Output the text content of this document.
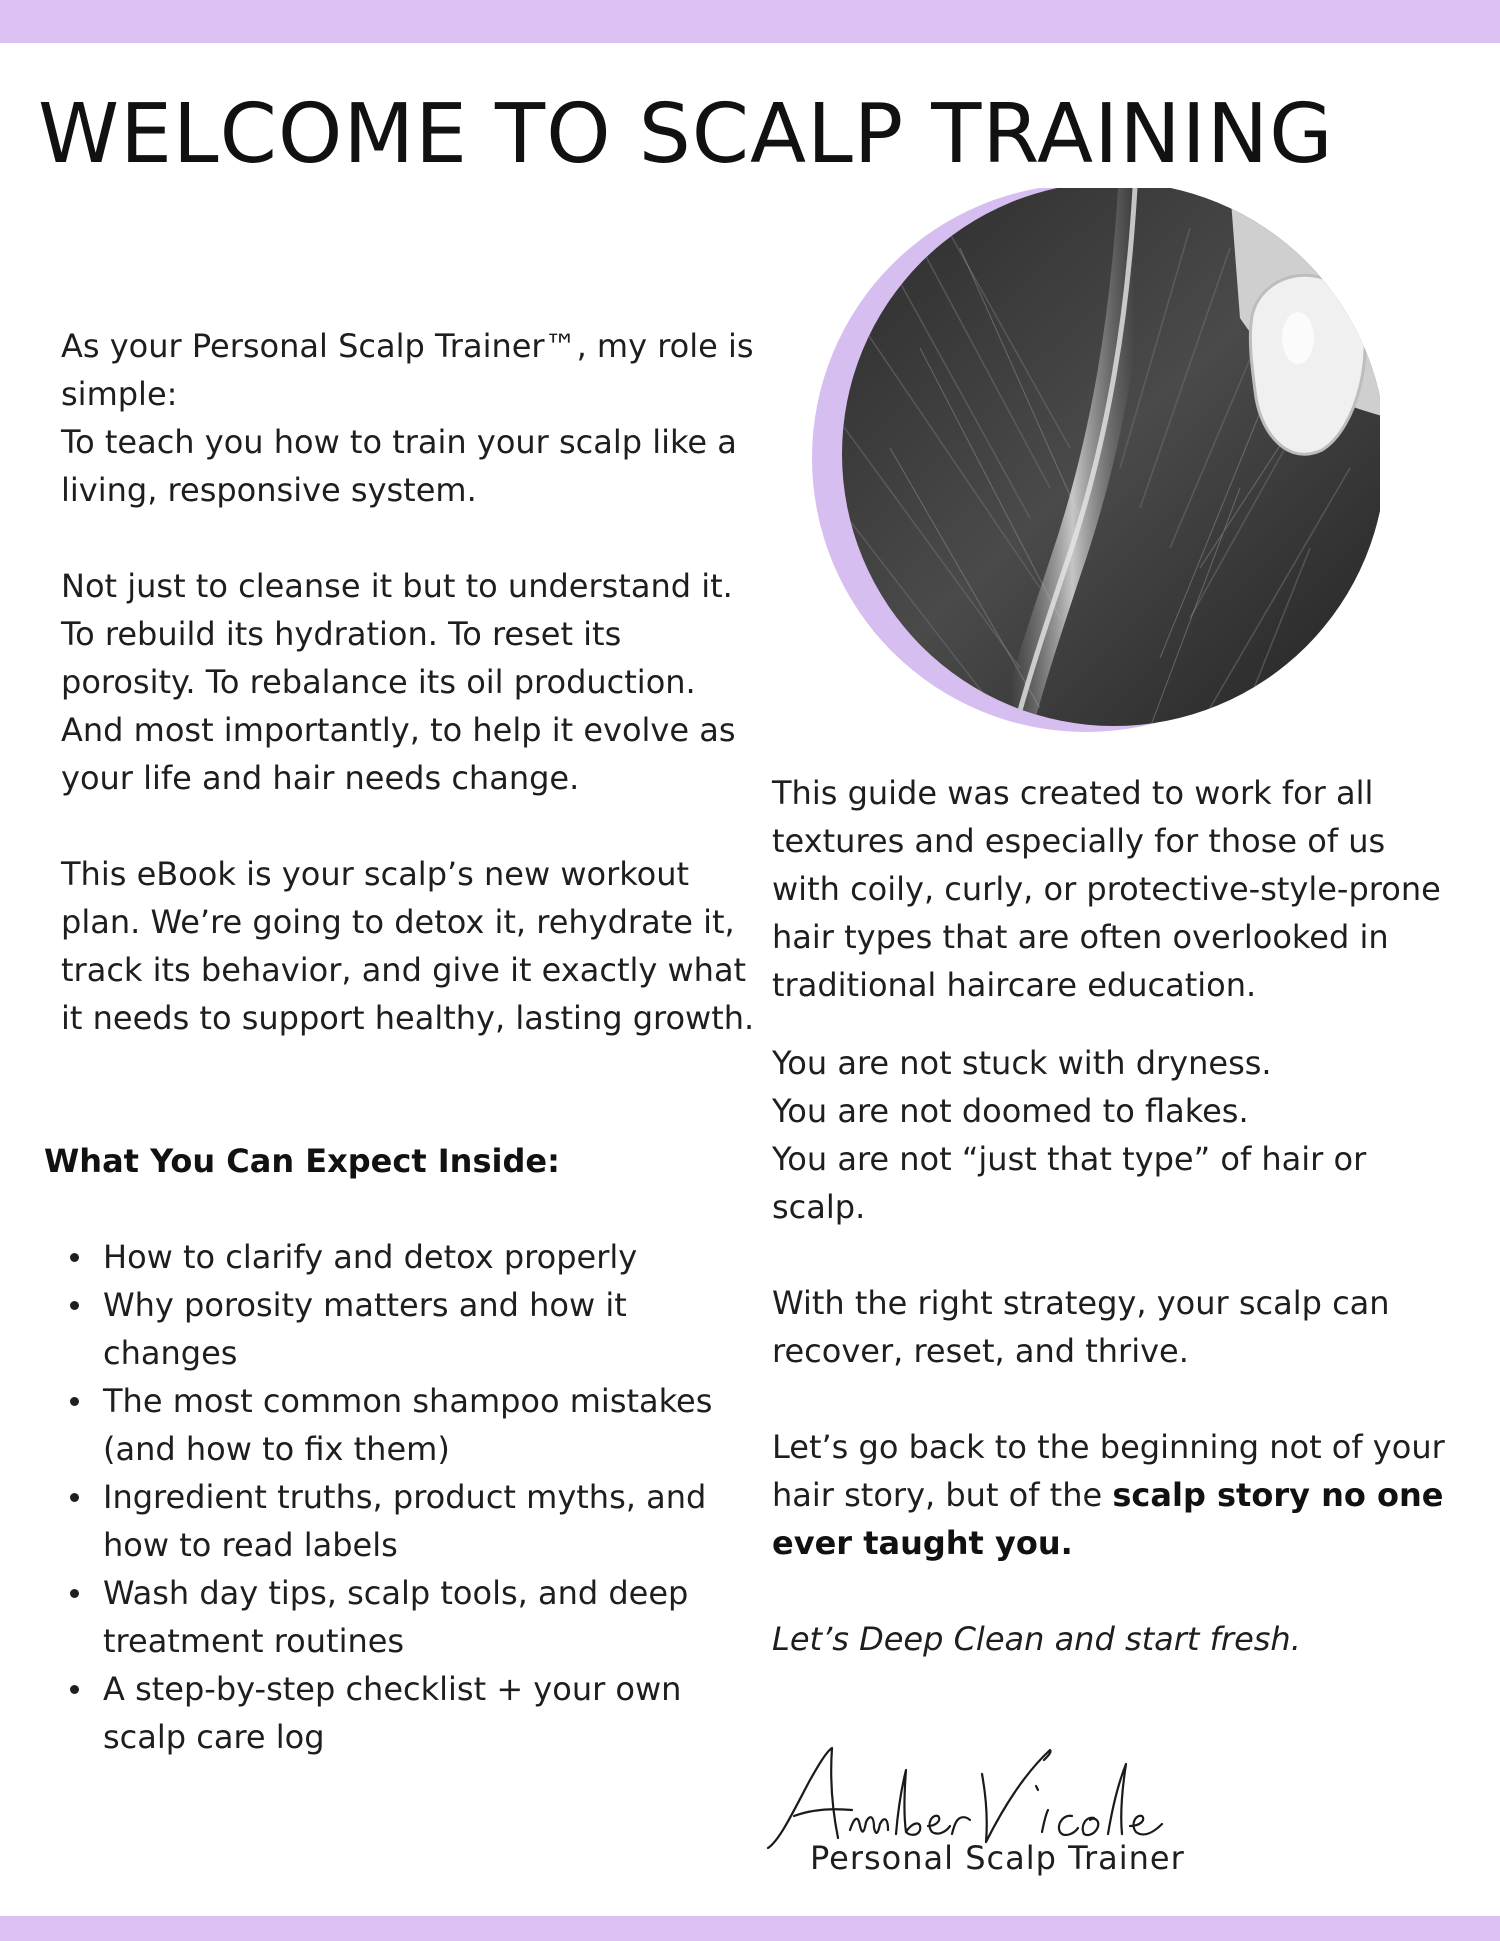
WELCOME TO SCALP TRAINING

As your Personal Scalp Trainer™, my role is simple:

To teach you how to train your scalp like a living, responsive system.

Not just to cleanse it but to understand it. To rebuild its hydration. To reset its porosity. To rebalance its oil production. And most importantly, to help it evolve as your life and hair needs change.

This eBook is your scalp’s new workout plan. We’re going to detox it, rehydrate it, track its behavior, and give it exactly what it needs to support healthy, lasting growth.

What You Can Expect Inside:
How to clarify and detox properly
Why porosity matters and how it changes
The most common shampoo mistakes (and how to fix them)
Ingredient truths, product myths, and how to read labels
Wash day tips, scalp tools, and deep treatment routines
A step-by-step checklist + your own scalp care log

This guide was created to work for all textures and especially for those of us with coily, curly, or protective-style-prone hair types that are often overlooked in traditional haircare education.

You are not stuck with dryness.

You are not doomed to flakes.

You are not “just that type” of hair or scalp.

With the right strategy, your scalp can recover, reset, and thrive.

Let’s go back to the beginning not of your hair story, but of the scalp story no one ever taught you.

Let’s Deep Clean and start fresh.

Personal Scalp Trainer
